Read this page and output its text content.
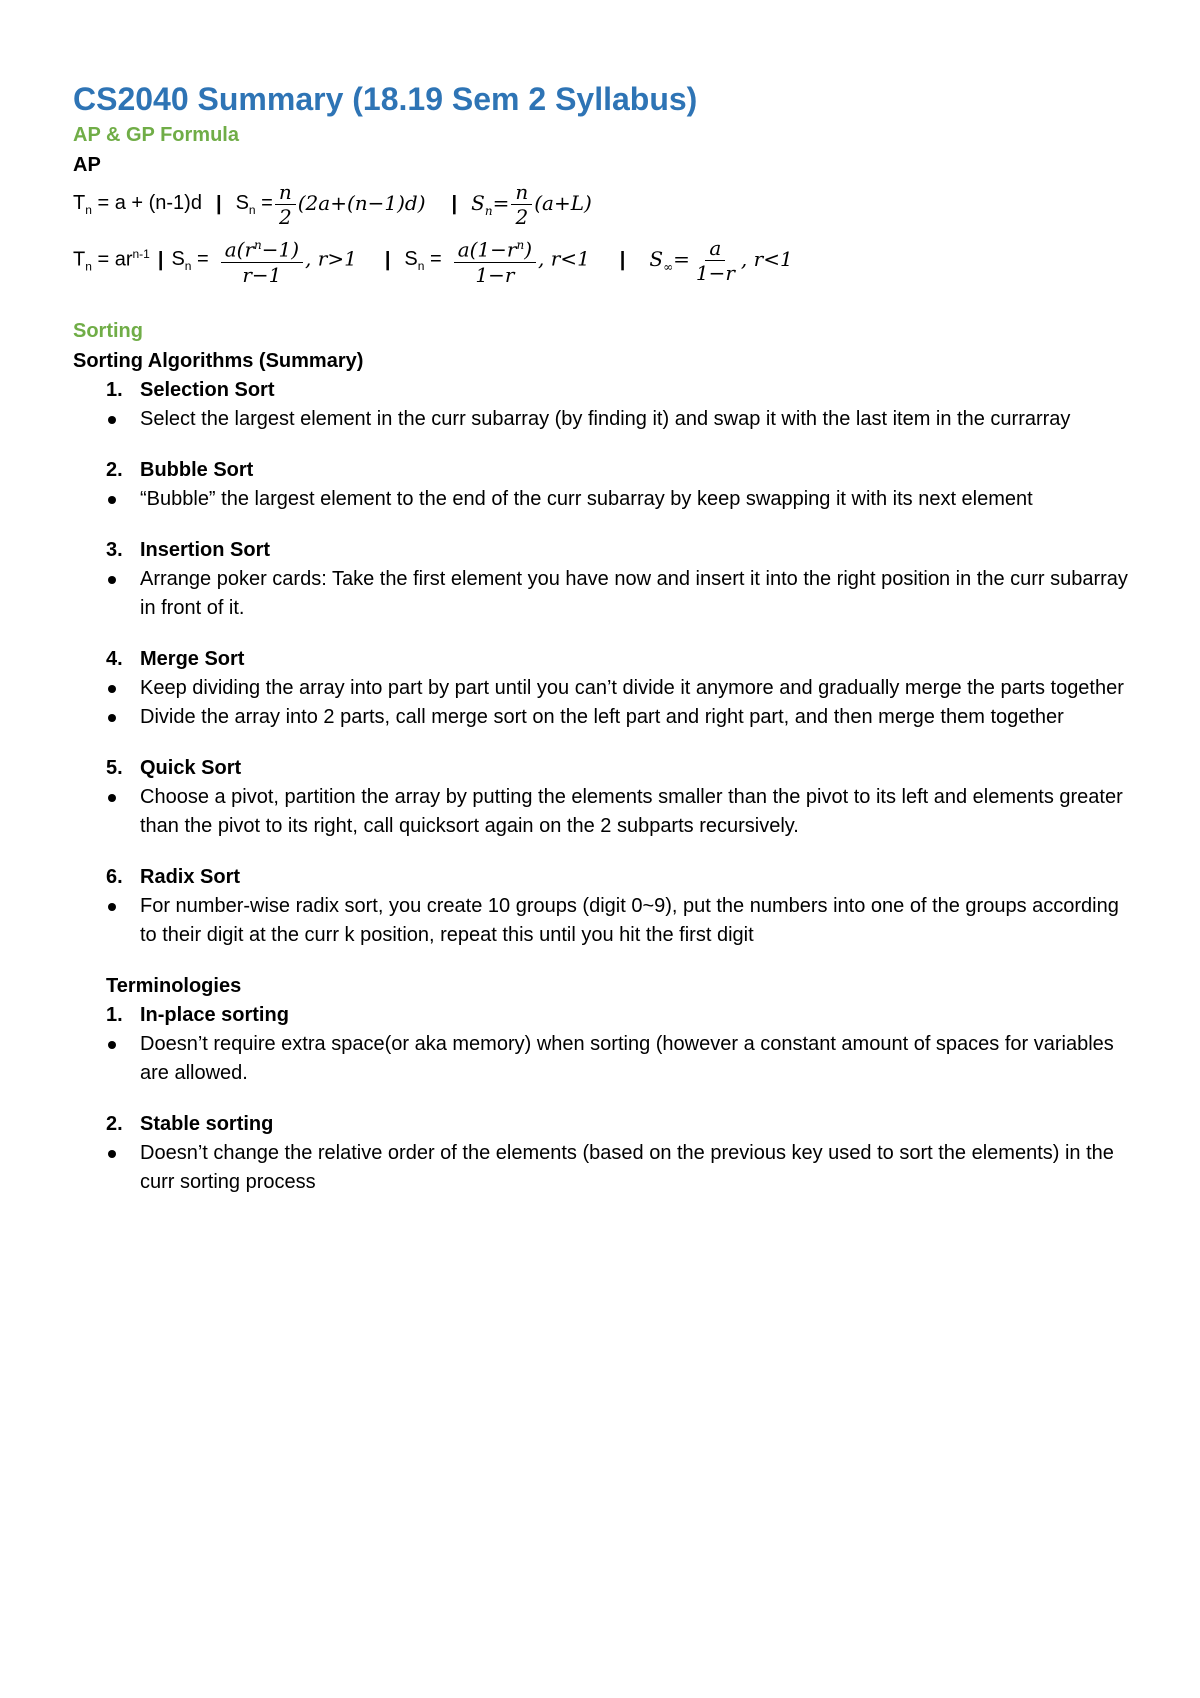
CS2040 Summary (18.19 Sem 2 Syllabus)
AP & GP Formula
AP
$T_n = a + (n-1)d$ | $S_n = \frac{n}{2} (2a+(n-1)d)$ | $S_n= \frac{n}{2} (a+L)$
$T_n = ar^{n-1}$ | $S_n = \frac{a(r^n-1)}{r-1}$ , r>1 | $S_n = \frac{a(1-r^n)}{1-r}$ , r<1 | $S_\infty= \frac{a}{1-r}$ , r<1
Sorting
Sorting Algorithms (Summary)
1. Selection Sort
Select the largest element in the curr subarray (by finding it) and swap it with the last item in the currarray
2. Bubble Sort
“Bubble” the largest element to the end of the curr subarray by keep swapping it with its next element
3. Insertion Sort
Arrange poker cards: Take the first element you have now and insert it into the right position in the curr subarray in front of it.
4. Merge Sort
Keep dividing the array into part by part until you can’t divide it anymore and gradually merge the parts together
Divide the array into 2 parts, call merge sort on the left part and right part, and then merge them together
5. Quick Sort
Choose a pivot, partition the array by putting the elements smaller than the pivot to its left and elements greater than the pivot to its right, call quicksort again on the 2 subparts recursively.
6. Radix Sort
For number-wise radix sort, you create 10 groups (digit 0~9), put the numbers into one of the groups according to their digit at the curr k position, repeat this until you hit the first digit
Terminologies
1. In-place sorting
Doesn’t require extra space(or aka memory) when sorting (however a constant amount of spaces for variables are allowed.
2. Stable sorting
Doesn’t change the relative order of the elements (based on the previous key used to sort the elements) in the curr sorting process
